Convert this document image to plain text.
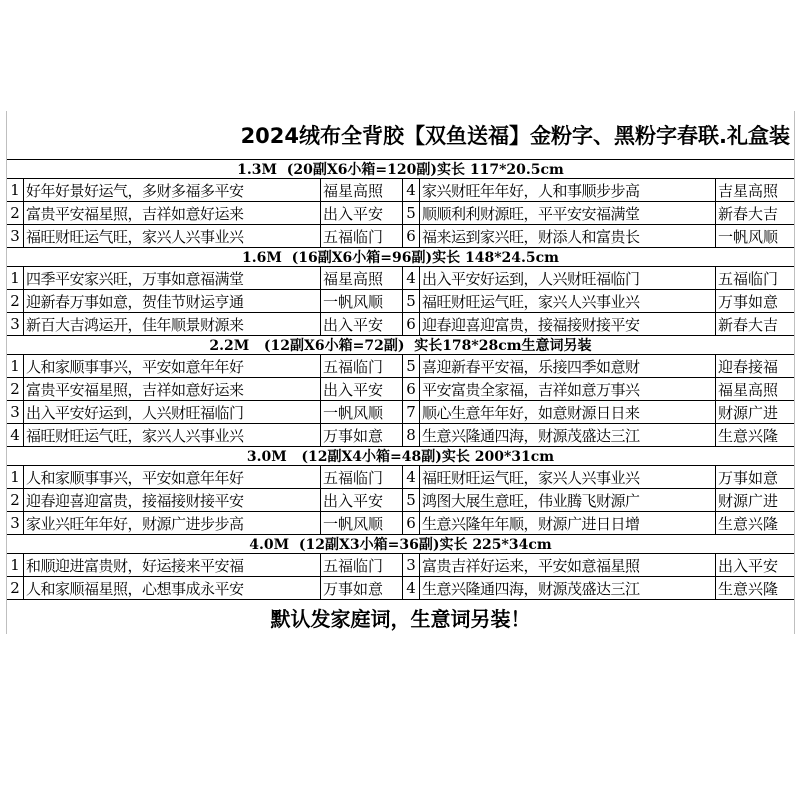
2024绒布全背胶【双鱼送福】金粉字、黑粉字春联.礼盒装
1.3M  (20副X6小箱=120副)实长 117*20.5cm
1 好年好景好运气，多财多福多平安	福星高照	4 家兴财旺年年好，人和事顺步步高	吉星高照
2 富贵平安福星照，吉祥如意好运来	出入平安	5 顺顺利利财源旺，平平安安福满堂	新春大吉
3 福旺财旺运气旺，家兴人兴事业兴	五福临门	6 福来运到家兴旺，财添人和富贵长	一帆风顺
1.6M  (16副X6小箱=96副)实长 148*24.5cm
1 四季平安家兴旺，万事如意福满堂	福星高照	4 出入平安好运到，人兴财旺福临门	五福临门
2 迎新春万事如意，贺佳节财运亨通	一帆风顺	5 福旺财旺运气旺，家兴人兴事业兴	万事如意
3 新百大吉鸿运开，佳年顺景财源来	出入平安	6 迎春迎喜迎富贵，接福接财接平安	新春大吉
2.2M   (12副X6小箱=72副)  实长178*28cm生意词另装
1 人和家顺事事兴，平安如意年年好	五福临门	5 喜迎新春平安福，乐接四季如意财	迎春接福
2 富贵平安福星照，吉祥如意好运来	出入平安	6 平安富贵全家福，吉祥如意万事兴	福星高照
3 出入平安好运到，人兴财旺福临门	一帆风顺	7 顺心生意年年好，如意财源日日来	财源广进
4 福旺财旺运气旺，家兴人兴事业兴	万事如意	8 生意兴隆通四海，财源茂盛达三江	生意兴隆
3.0M   (12副X4小箱=48副)实长 200*31cm
1 人和家顺事事兴，平安如意年年好	五福临门	4 福旺财旺运气旺，家兴人兴事业兴	万事如意
2 迎春迎喜迎富贵，接福接财接平安	出入平安	5 鸿图大展生意旺，伟业腾飞财源广	财源广进
3 家业兴旺年年好，财源广进步步高	一帆风顺	6 生意兴隆年年顺，财源广进日日增	生意兴隆
4.0M  (12副X3小箱=36副)实长 225*34cm
1 和顺迎进富贵财，好运接来平安福	五福临门	3 富贵吉祥好运来，平安如意福星照	出入平安
2 人和家顺福星照，心想事成永平安	万事如意	4 生意兴隆通四海，财源茂盛达三江	生意兴隆
默认发家庭词，生意词另装！
